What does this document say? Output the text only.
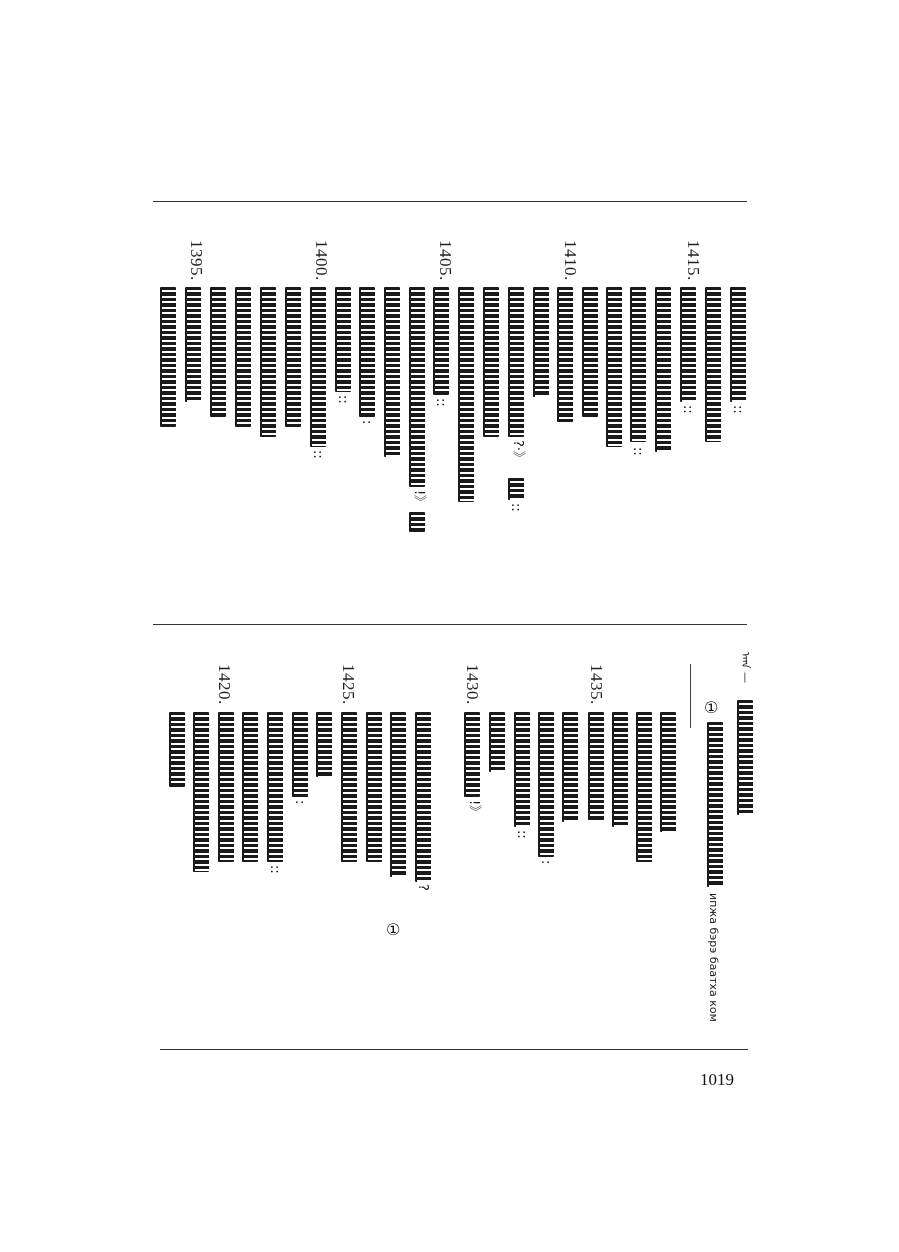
1415.
1410.
1405.
1400.
1395.
::
::
::
?·》
::
::
!》
:
::
::
ᠠᠠᠨ —
①
ипжа бэрэ баатха ком
1435.
1430.
1425.
1420.
:
::
!》
?
①
:
::
1019
